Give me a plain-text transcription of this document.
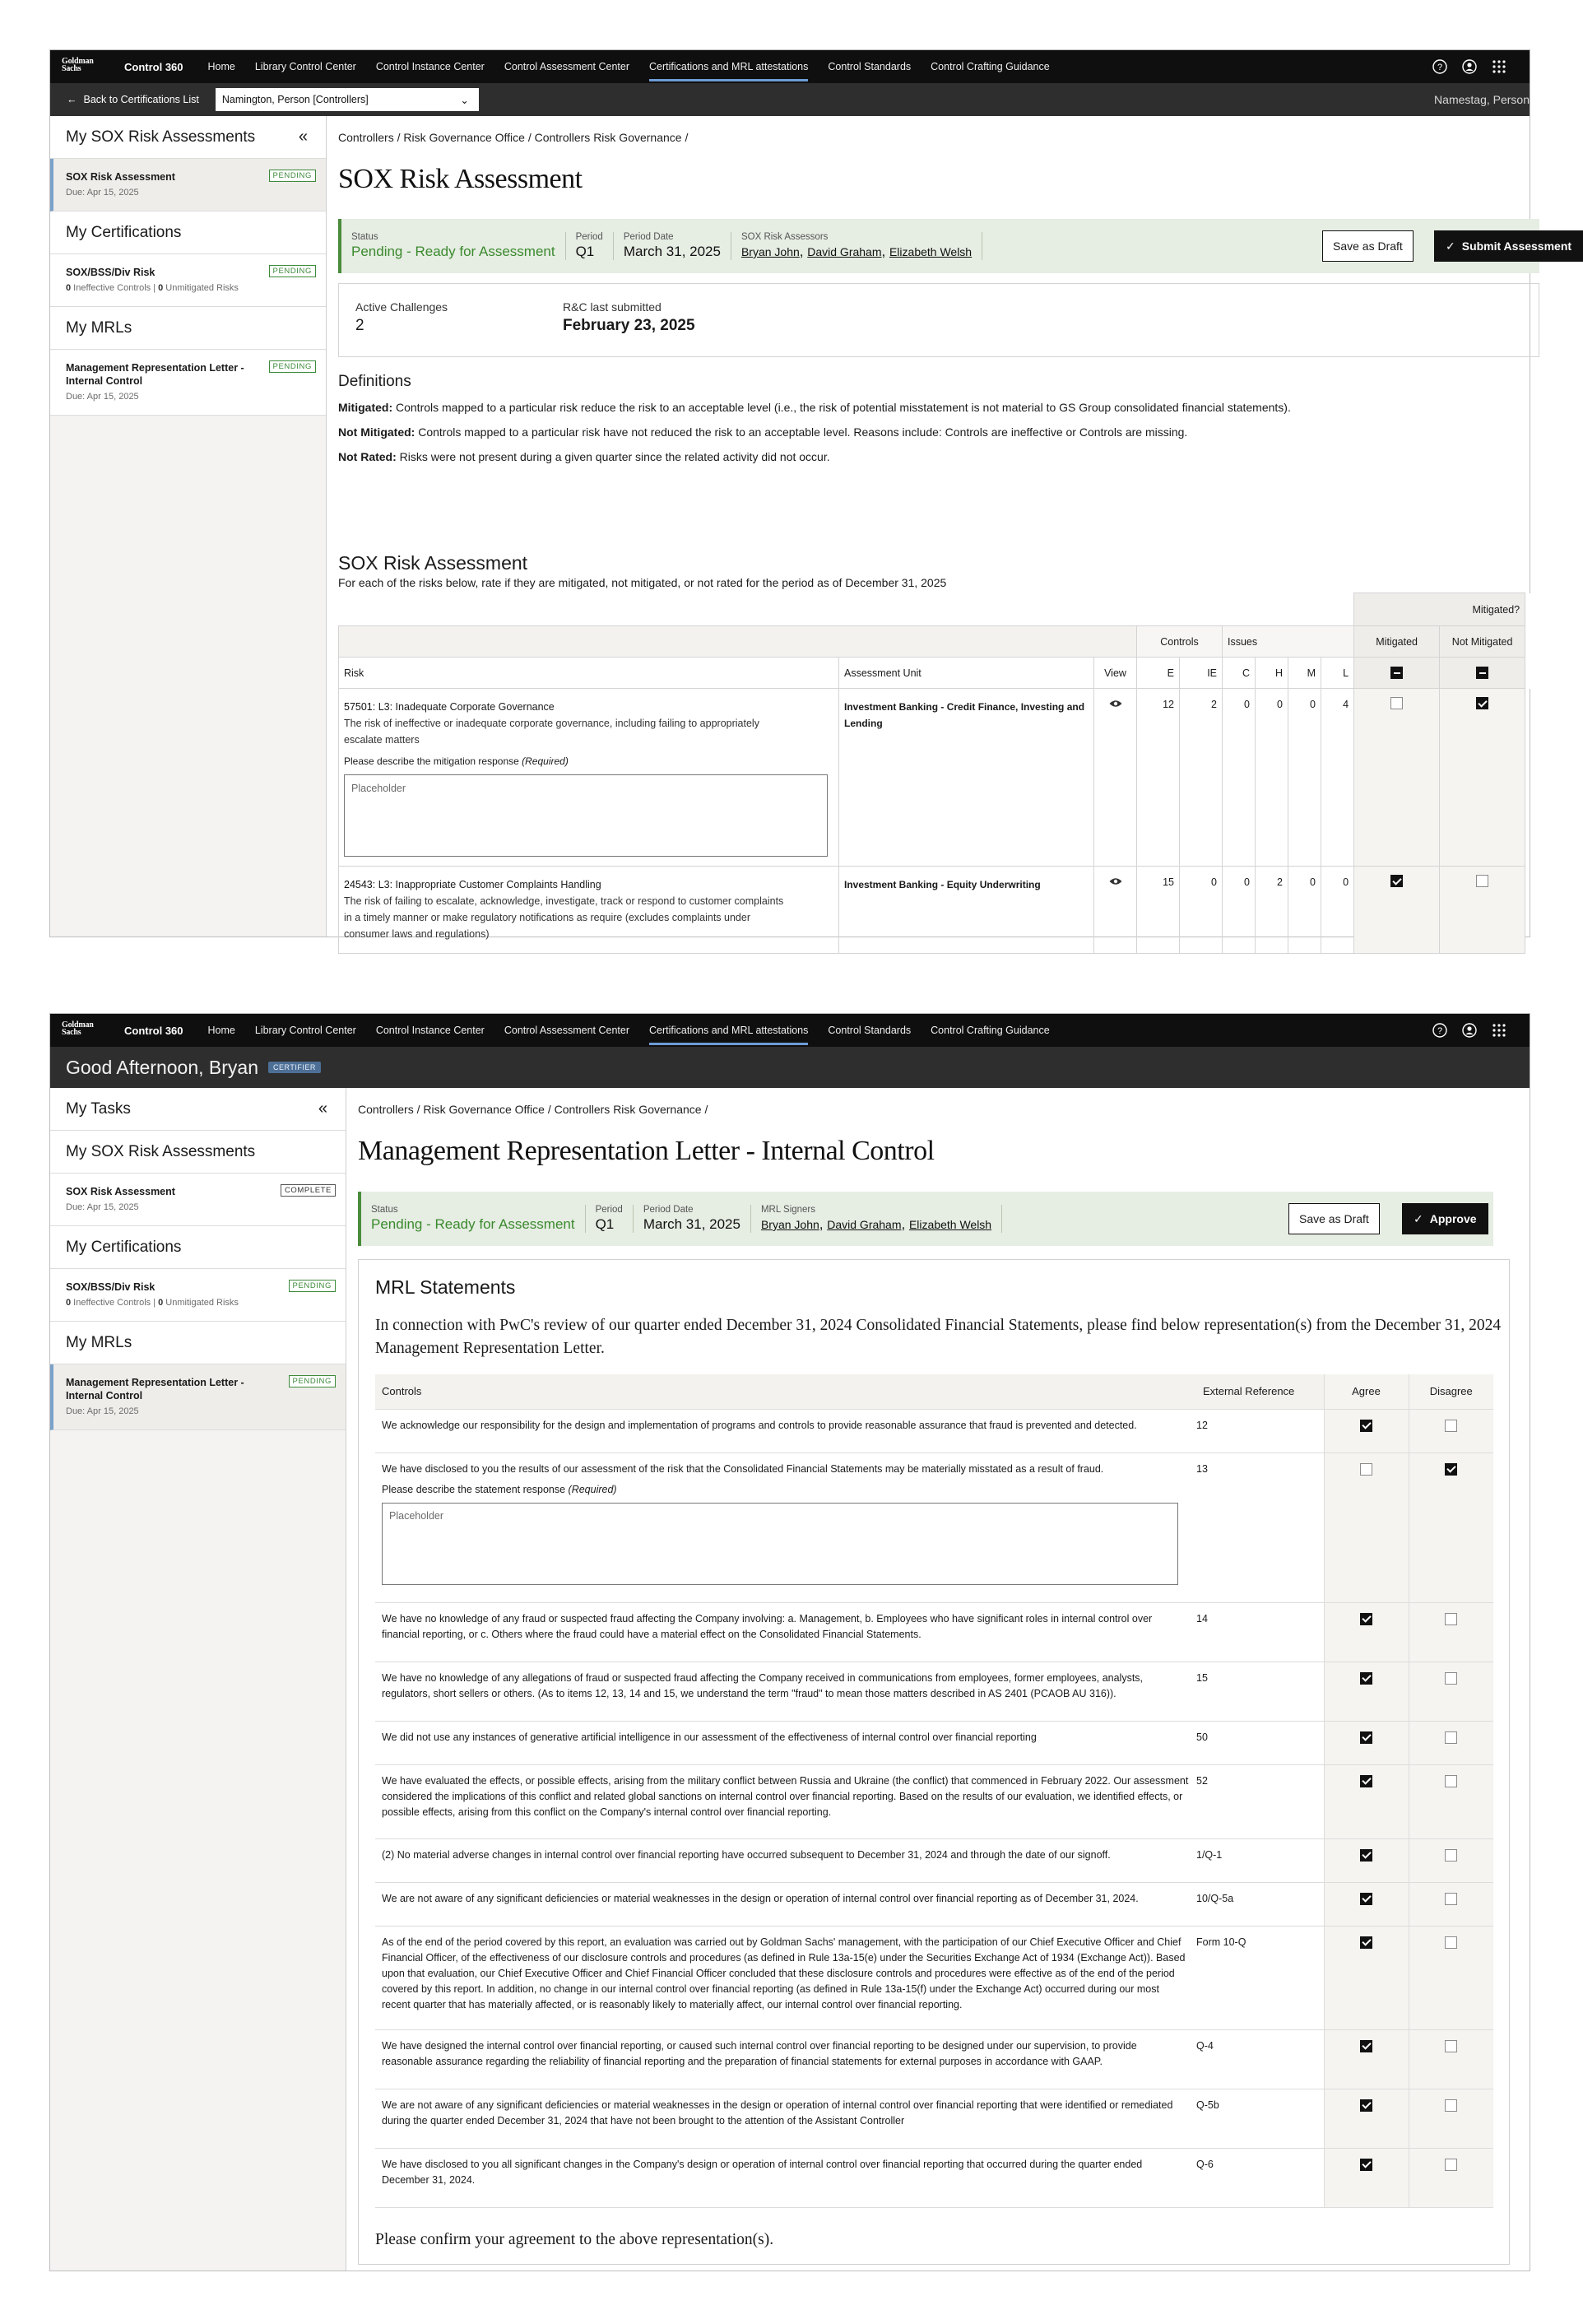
Goldman
Sachs	Control 360 Home Library Control Center Control Instance Center Control Assessment Center Certifications and MRL attestations Control Standards Control Crafting Guidance	?
← Back to Certifications List Namington, Person [Controllers]	⌄	Namestag, Person
My SOX Risk Assessments	«
SOX Risk Assessment
Due: Apr 15, 2025
PENDING
My Certifications
SOX/BSS/Div Risk
0 Ineffective Controls | 0 Unmitigated Risks
PENDING
My MRLs
Management Representation Letter - Internal Control
Due: Apr 15, 2025
PENDING
Controllers / Risk Governance Office / Controllers Risk Governance /
SOX Risk Assessment
Status
Pending - Ready for Assessment
Period
Q1
Period Date
March 31, 2025
SOX Risk Assessors
Bryan John, David Graham, Elizabeth Welsh	Save as Draft	✓ Submit Assessment
Active Challenges
2
R&C last submitted
February 23, 2025
Definitions
Mitigated: Controls mapped to a particular risk reduce the risk to an acceptable level (i.e., the risk of potential misstatement is not material to GS Group consolidated financial statements).
Not Mitigated: Controls mapped to a particular risk have not reduced the risk to an acceptable level. Reasons include: Controls are ineffective or Controls are missing.
Not Rated: Risks were not present during a given quarter since the related activity did not occur.
SOX Risk Assessment
For each of the risks below, rate if they are mitigated, not mitigated, or not rated for the period as of December 31, 2025
									Mitigated?		
			Controls		Issues				Mitigated	Not Mitigated	
Risk	Assessment Unit	View	E	IE	C	H	M	L			

57501: L3: Inadequate Corporate Governance
The risk of ineffective or inadequate corporate governance, including failing to appropriately escalate matters
Please describe the mitigation response (Required)
Placeholder	Investment Banking - Credit Finance, Investing and Lending		12	2	0	0	0	4			

24543: L3: Inappropriate Customer Complaints Handling
The risk of failing to escalate, acknowledge, investigate, track or respond to customer complaints in a timely manner or make regulatory notifications as require (excludes complaints under consumer laws and regulations)	Investment Banking - Equity Underwriting		15	0	0	2	0	0			
Goldman
Sachs	Control 360 Home Library Control Center Control Instance Center Control Assessment Center Certifications and MRL attestations Control Standards Control Crafting Guidance	?
Good Afternoon, Bryan	CERTIFIER
My Tasks	«
My SOX Risk Assessments
SOX Risk Assessment
Due: Apr 15, 2025
COMPLETE
My Certifications
SOX/BSS/Div Risk
0 Ineffective Controls | 0 Unmitigated Risks
PENDING
My MRLs
Management Representation Letter - Internal Control
Due: Apr 15, 2025
PENDING
Controllers / Risk Governance Office / Controllers Risk Governance /
Management Representation Letter - Internal Control
Status
Pending - Ready for Assessment
Period
Q1
Period Date
March 31, 2025
MRL Signers
Bryan John, David Graham, Elizabeth Welsh	Save as Draft	✓ Approve
MRL Statements
In connection with PwC's review of our quarter ended December 31, 2024 Consolidated Financial Statements, please find below representation(s) from the December 31, 2024 Management Representation Letter.
Controls	External Reference	Agree	Disagree

We acknowledge our responsibility for the design and implementation of programs and controls to provide reasonable assurance that fraud is prevented and detected.	12		

We have disclosed to you the results of our assessment of the risk that the Consolidated Financial Statements may be materially misstated as a result of fraud.
Please describe the statement response (Required)
Placeholder	13		

We have no knowledge of any fraud or suspected fraud affecting the Company involving: a. Management, b. Employees who have significant roles in internal control over financial reporting, or c. Others where the fraud could have a material effect on the Consolidated Financial Statements.	14		

We have no knowledge of any allegations of fraud or suspected fraud affecting the Company received in communications from employees, former employees, analysts, regulators, short sellers or others. (As to items 12, 13, 14 and 15, we understand the term "fraud" to mean those matters described in AS 2401 (PCAOB AU 316)).	15		

We did not use any instances of generative artificial intelligence in our assessment of the effectiveness of internal control over financial reporting	50		

We have evaluated the effects, or possible effects, arising from the military conflict between Russia and Ukraine (the conflict) that commenced in February 2022. Our assessment considered the implications of this conflict and related global sanctions on internal control over financial reporting. Based on the results of our evaluation, we identified effects, or possible effects, arising from this conflict on the Company's internal control over financial reporting.	52		

(2) No material adverse changes in internal control over financial reporting have occurred subsequent to December 31, 2024 and through the date of our signoff.	1/Q-1		

We are not aware of any significant deficiencies or material weaknesses in the design or operation of internal control over financial reporting as of December 31, 2024.	10/Q-5a		

As of the end of the period covered by this report, an evaluation was carried out by Goldman Sachs' management, with the participation of our Chief Executive Officer and Chief Financial Officer, of the effectiveness of our disclosure controls and procedures (as defined in Rule 13a-15(e) under the Securities Exchange Act of 1934 (Exchange Act)). Based upon that evaluation, our Chief Executive Officer and Chief Financial Officer concluded that these disclosure controls and procedures were effective as of the end of the period covered by this report. In addition, no change in our internal control over financial reporting (as defined in Rule 13a-15(f) under the Exchange Act) occurred during our most recent quarter that has materially affected, or is reasonably likely to materially affect, our internal control over financial reporting.	Form 10-Q		

We have designed the internal control over financial reporting, or caused such internal control over financial reporting to be designed under our supervision, to provide reasonable assurance regarding the reliability of financial reporting and the preparation of financial statements for external purposes in accordance with GAAP.	Q-4		

We are not aware of any significant deficiencies or material weaknesses in the design or operation of internal control over financial reporting that were identified or remediated during the quarter ended December 31, 2024 that have not been brought to the attention of the Assistant Controller	Q-5b		

We have disclosed to you all significant changes in the Company's design or operation of internal control over financial reporting that occurred during the quarter ended December 31, 2024.	Q-6		
Please confirm your agreement to the above representation(s).
